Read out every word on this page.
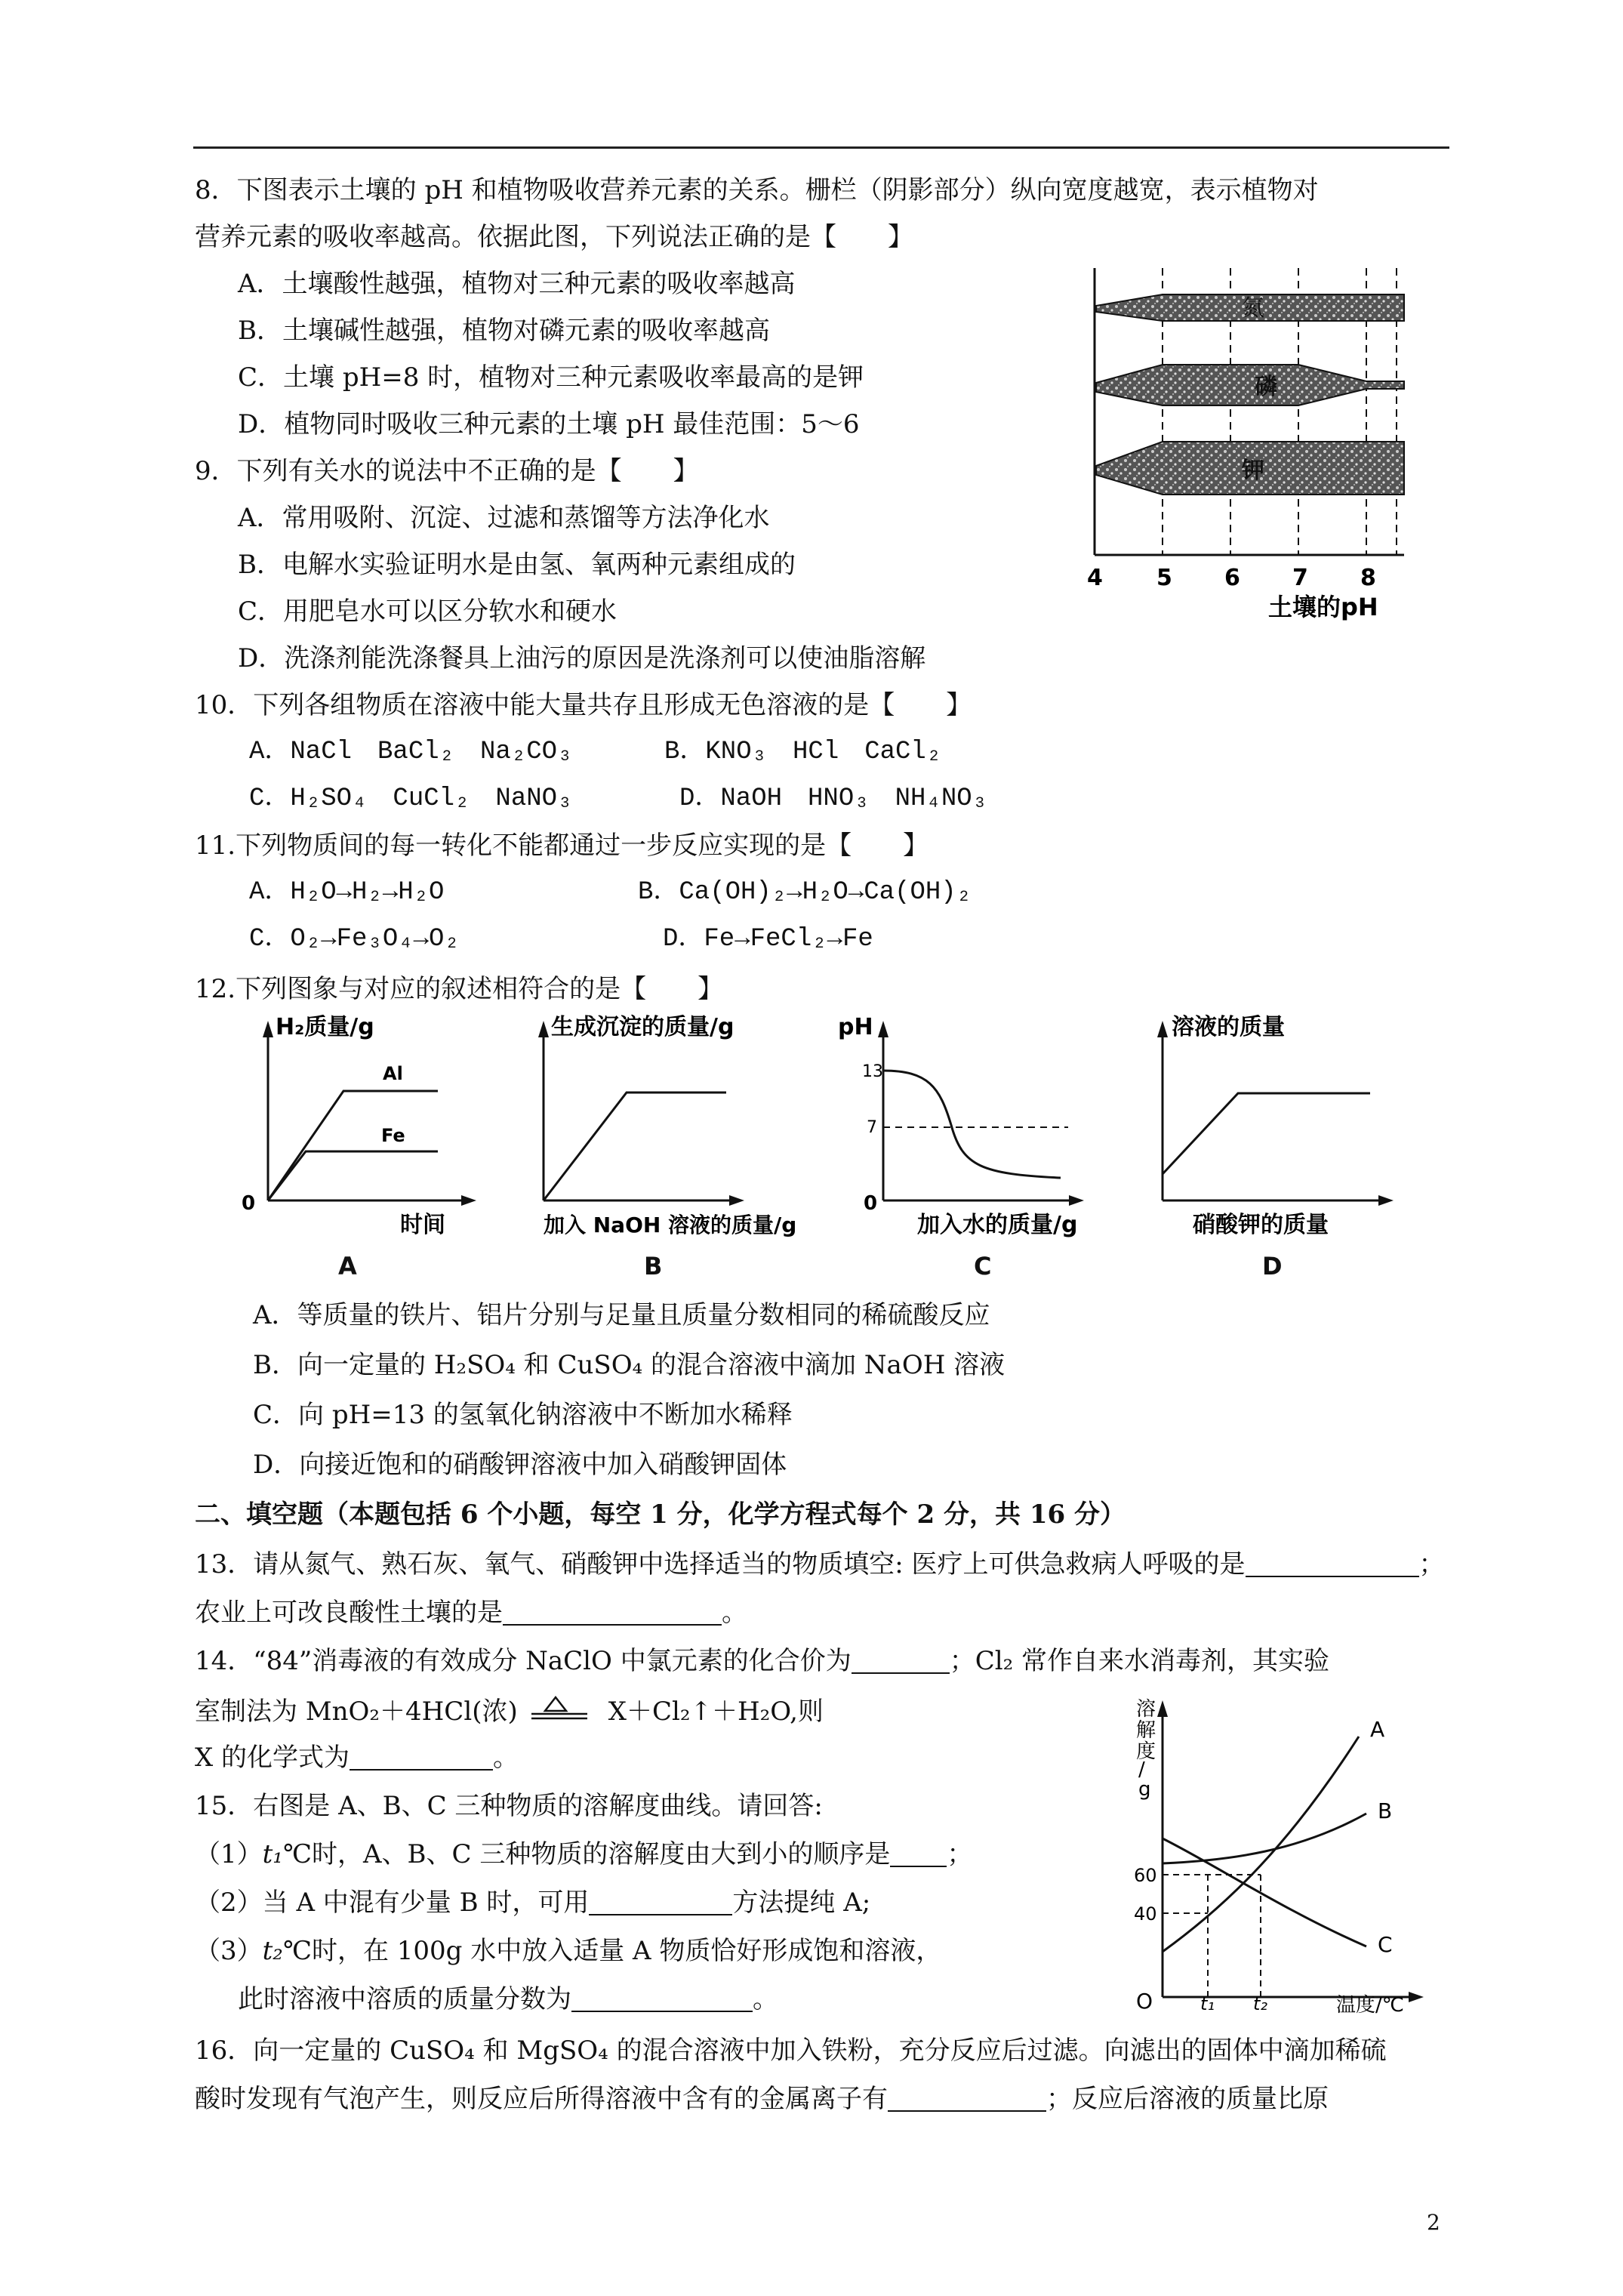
8．下图表示土壤的 pH 和植物吸收营养元素的关系。栅栏（阴影部分）纵向宽度越宽，表示植物对
营养元素的吸收率越高。依据此图，下列说法正确的是【　　】
A．土壤酸性越强，植物对三种元素的吸收率越高
B．土壤碱性越强，植物对磷元素的吸收率越高
C．土壤 pH=8 时，植物对三种元素吸收率最高的是钾
D．植物同时吸收三种元素的土壤 pH 最佳范围：5～6
氮
磷
钾
4 5 6 7 8
土壤的pH
9．下列有关水的说法中不正确的是【　　】
A．常用吸附、沉淀、过滤和蒸馏等方法净化水
B．电解水实验证明水是由氢、氧两种元素组成的
C．用肥皂水可以区分软水和硬水
D．洗涤剂能洗涤餐具上油污的原因是洗涤剂可以使油脂溶解
10．下列各组物质在溶液中能大量共存且形成无色溶液的是【　　】
A．NaCl　BaCl₂　Na₂CO₃	B．KNO₃　HCl　CaCl₂
C．H₂SO₄　CuCl₂　NaNO₃	D．NaOH　HNO₃　NH₄NO₃
11.下列物质间的每一转化不能都通过一步反应实现的是【　　】
A．H₂O→H₂→H₂O	B．Ca(OH)₂→H₂O→Ca(OH)₂
C．O₂→Fe₃O₄→O₂	D．Fe→FeCl₂→Fe
12.下列图象与对应的叙述相符合的是【　　】
H₂质量/g
Al
Fe
0
时间
生成沉淀的质量/g
加入 NaOH 溶液的质量/g
pH
13
7
0
加入水的质量/g
溶液的质量
硝酸钾的质量
A	B	C	D
A．等质量的铁片、铝片分别与足量且质量分数相同的稀硫酸反应
B．向一定量的 H₂SO₄ 和 CuSO₄ 的混合溶液中滴加 NaOH 溶液
C．向 pH=13 的氢氧化钠溶液中不断加水稀释
D．向接近饱和的硝酸钾溶液中加入硝酸钾固体
二、填空题（本题包括 6 个小题，每空 1 分，化学方程式每个 2 分，共 16 分）
13．请从氮气、熟石灰、氧气、硝酸钾中选择适当的物质填空: 医疗上可供急救病人呼吸的是	；
农业上可改良酸性土壤的是	。
14．“84”消毒液的有效成分 NaClO 中氯元素的化合价为	；Cl₂ 常作自来水消毒剂，其实验
室制法为 MnO₂＋4HCl(浓)	X＋Cl₂↑＋H₂O,则
X 的化学式为	。
15．右图是 A、B、C 三种物质的溶解度曲线。请回答:
（1）t₁℃时，A、B、C 三种物质的溶解度由大到小的顺序是 ；
（2）当 A 中混有少量 B 时，可用	方法提纯 A;
（3）t₂℃时，在 100g 水中放入适量 A 物质恰好形成饱和溶液，
此时溶液中溶质的质量分数为	。
溶
解
度
/
g
60
40
O	t₁ t₂	温度/℃
A
B
C
16．向一定量的 CuSO₄ 和 MgSO₄ 的混合溶液中加入铁粉，充分反应后过滤。向滤出的固体中滴加稀硫
酸时发现有气泡产生，则反应后所得溶液中含有的金属离子有	；反应后溶液的质量比原
2
